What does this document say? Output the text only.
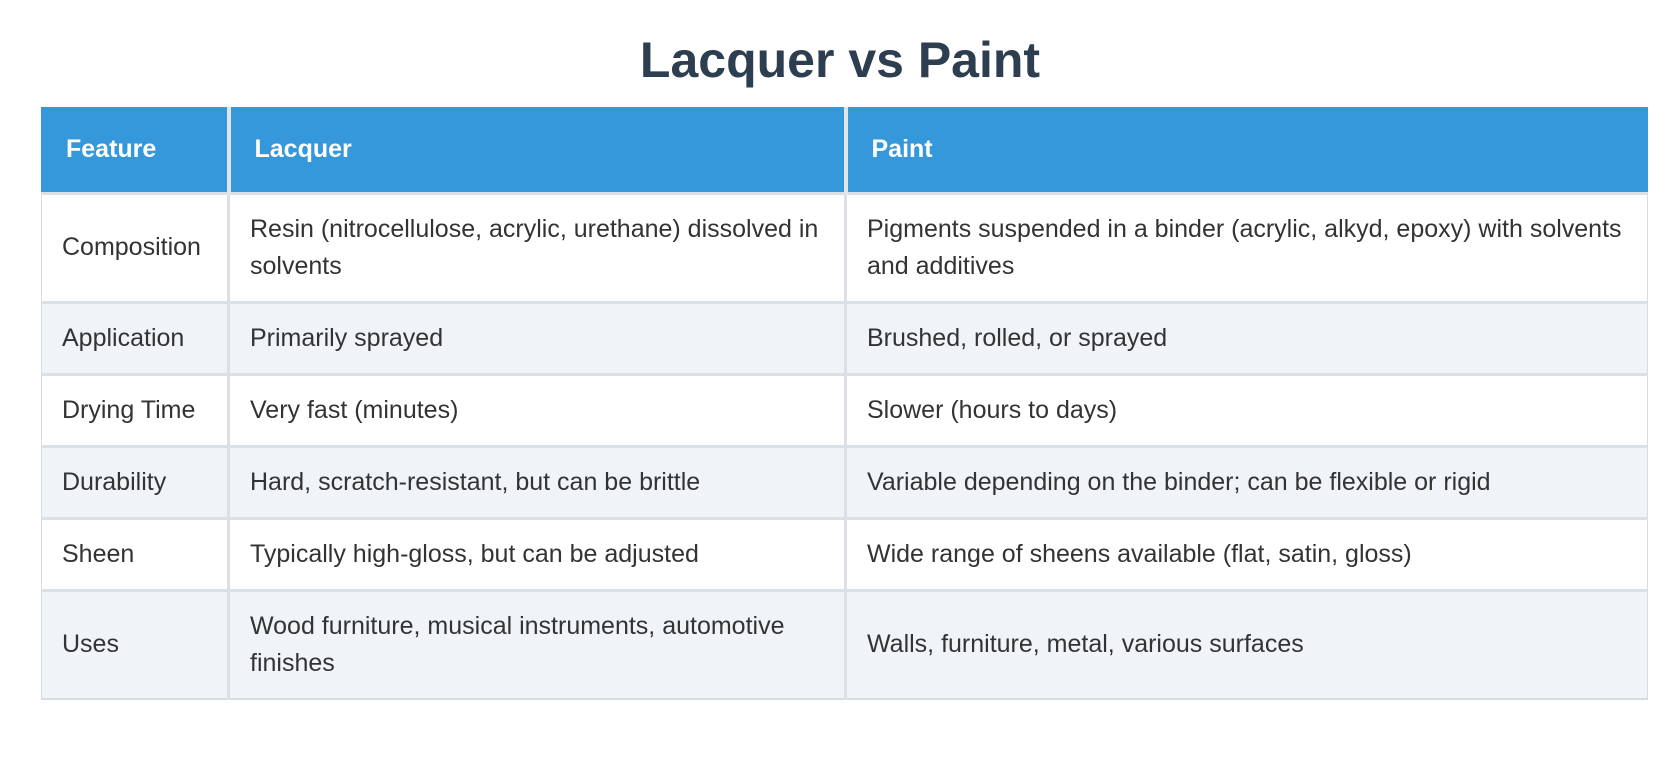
Lacquer vs Paint
Feature	Lacquer	Paint
Composition	Resin (nitrocellulose, acrylic, urethane) dissolved in solvents	Pigments suspended in a binder (acrylic, alkyd, epoxy) with solvents and additives
Application	Primarily sprayed	Brushed, rolled, or sprayed
Drying Time	Very fast (minutes)	Slower (hours to days)
Durability	Hard, scratch-resistant, but can be brittle	Variable depending on the binder; can be flexible or rigid
Sheen	Typically high-gloss, but can be adjusted	Wide range of sheens available (flat, satin, gloss)
Uses	Wood furniture, musical instruments, automotive finishes	Walls, furniture, metal, various surfaces
